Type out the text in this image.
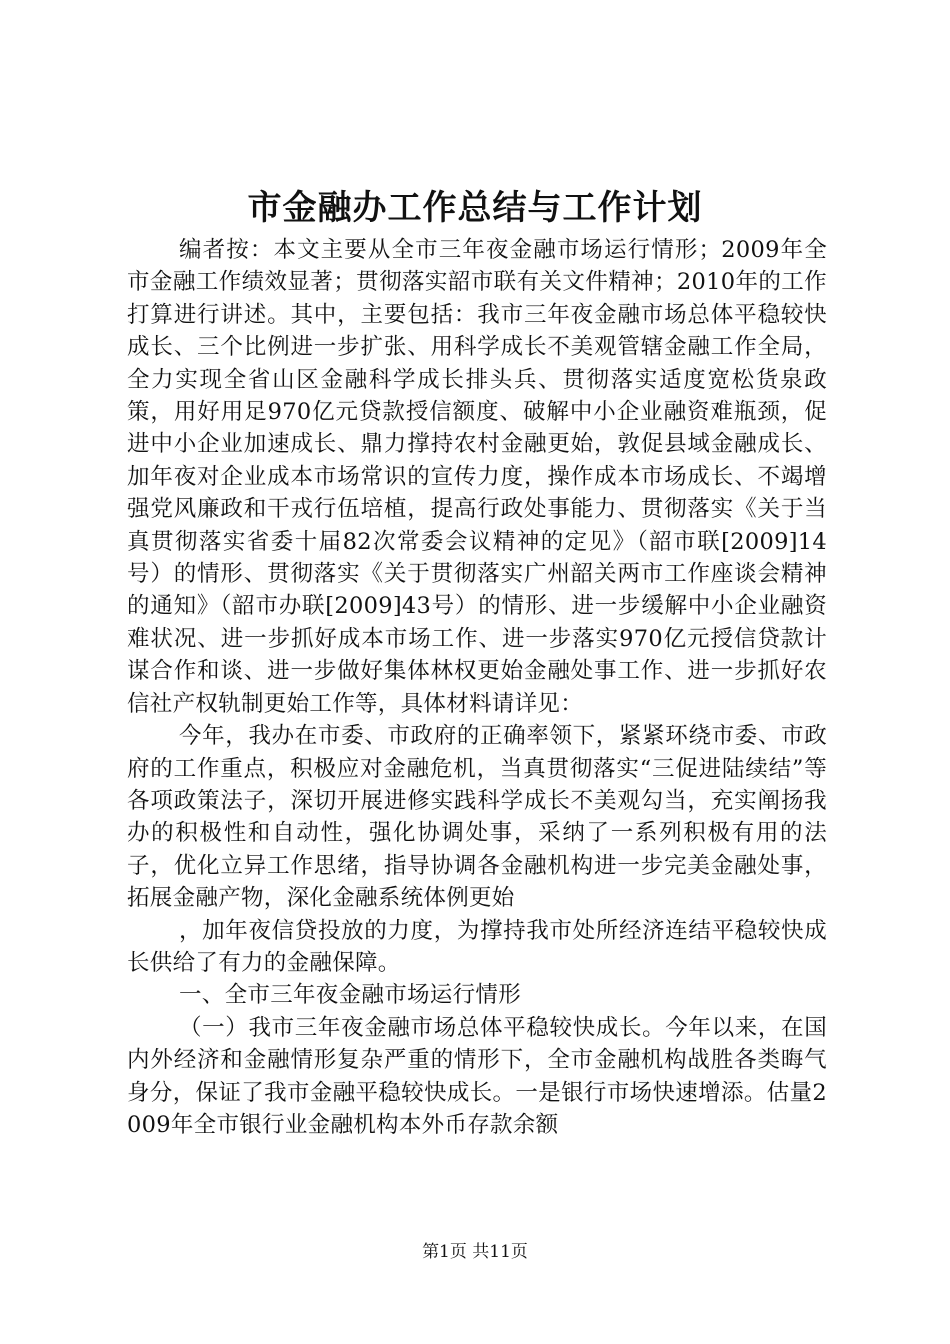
市金融办工作总结与工作计划

编者按：本文主要从全市三年夜金融市场运行情形；2009年全市金融工作绩效显著；贯彻落实韶市联有关文件精神；2010年的工作打算进行讲述。其中，主要包括：我市三年夜金融市场总体平稳较快成长、三个比例进一步扩张、用科学成长不美观管辖金融工作全局，全力实现全省山区金融科学成长排头兵、贯彻落实适度宽松货泉政策，用好用足970亿元贷款授信额度、破解中小企业融资难瓶颈，促进中小企业加速成长、鼎力撑持农村金融更始，敦促县域金融成长、加年夜对企业成本市场常识的宣传力度，操作成本市场成长、不竭增强党风廉政和干戎行伍培植，提高行政处事能力、贯彻落实《关于当真贯彻落实省委十届82次常委会议精神的定见》（韶市联[2009]14号）的情形、贯彻落实《关于贯彻落实广州韶关两市工作座谈会精神的通知》（韶市办联[2009]43号）的情形、进一步缓解中小企业融资难状况、进一步抓好成本市场工作、进一步落实970亿元授信贷款计谋合作和谈、进一步做好集体林权更始金融处事工作、进一步抓好农信社产权轨制更始工作等，具体材料请详见：

今年，我办在市委、市政府的正确率领下，紧紧环绕市委、市政府的工作重点，积极应对金融危机，当真贯彻落实“三促进陆续结”等各项政策法子，深切开展进修实践科学成长不美观勾当，充实阐扬我办的积极性和自动性，强化协调处事，采纳了一系列积极有用的法子，优化立异工作思绪，指导协调各金融机构进一步完美金融处事，拓展金融产物，深化金融系统体例更始

，加年夜信贷投放的力度，为撑持我市处所经济连结平稳较快成长供给了有力的金融保障。

一、全市三年夜金融市场运行情形

（一）我市三年夜金融市场总体平稳较快成长。今年以来，在国内外经济和金融情形复杂严重的情形下，全市金融机构战胜各类晦气身分，保证了我市金融平稳较快成长。一是银行市场快速增添。估量2009年全市银行业金融机构本外币存款余额

第1页 共11页
